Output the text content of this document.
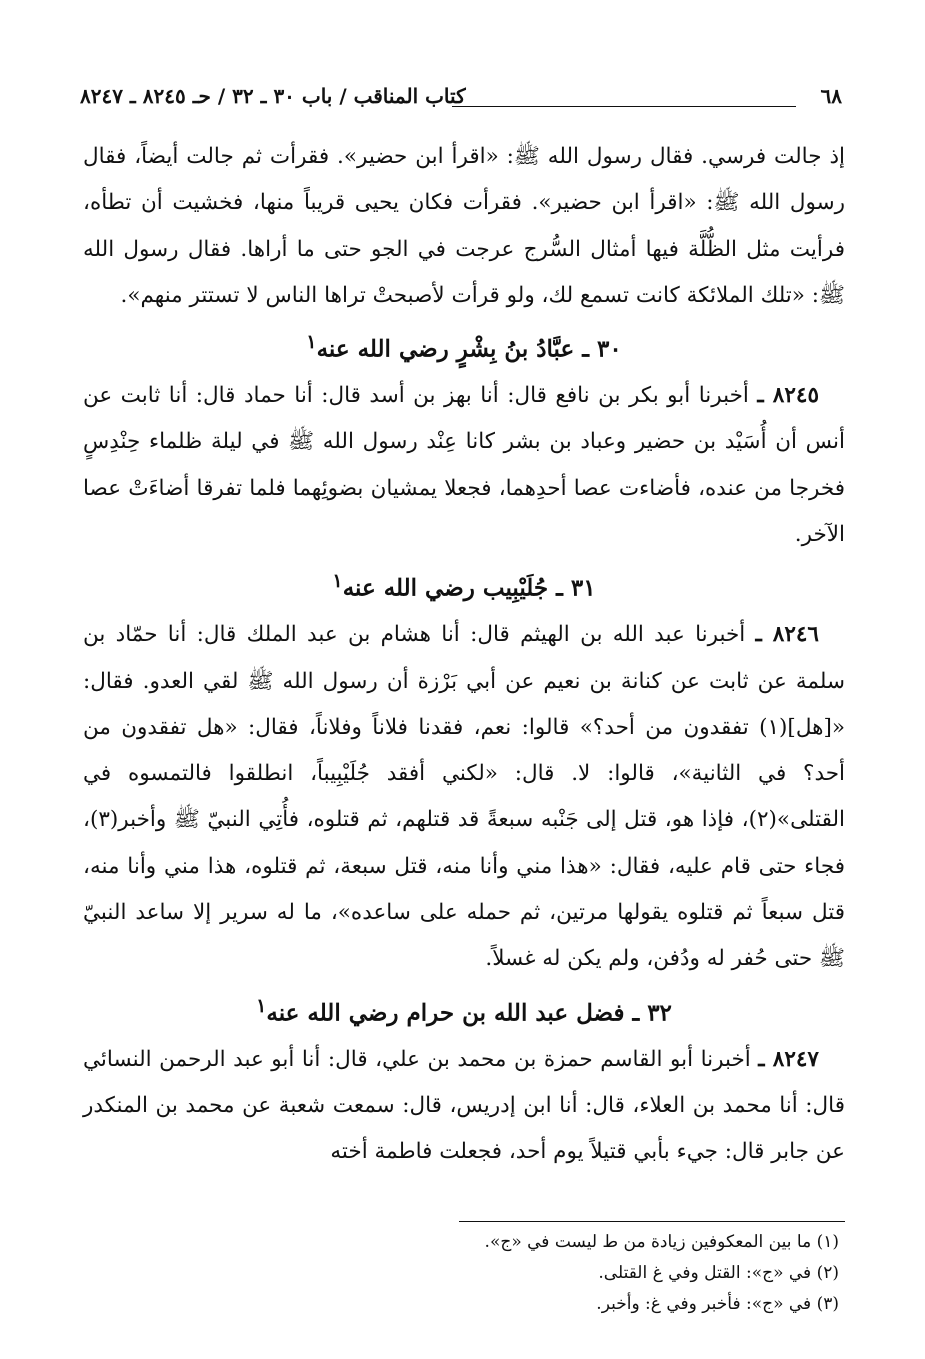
٦٨
كتاب المناقب / باب ٣٠ ـ ٣٢ / حـ ٨٢٤٥ ـ ٨٢٤٧

إذ جالت فرسي. فقال رسول الله ﷺ: «اقرأ ابن حضير». فقرأت ثم جالت أيضاً، فقال رسول الله ﷺ: «اقرأ ابن حضير». فقرأت فكان يحيى قريباً منها، فخشيت أن تطأه، فرأيت مثل الظُّلَّة فيها أمثال السُّرج عرجت في الجو حتى ما أراها. فقال رسول الله ﷺ: «تلك الملائكة كانت تسمع لك، ولو قرأت لأصبحتْ تراها الناس لا تستتر منهم».

٣٠ ـ عبَّادُ بنُ بِشْرٍ رضي الله عنه$^١$

٨٢٤٥ ـ أخبرنا أبو بكر بن نافع قال: أنا بهز بن أسد قال: أنا حماد قال: أنا ثابت عن أنس أن أُسَيْد بن حضير وعباد بن بشر كانا عِنْد رسول الله ﷺ في ليلة ظلماء حِنْدِسٍ فخرجا من عنده، فأضاءت عصا أحدِهما، فجعلا يمشيان بضوئِهما فلما تفرقا أضاءَتْ عصا الآخر.

٣١ ـ جُلَيْبِيب رضي الله عنه$^١$

٨٢٤٦ ـ أخبرنا عبد الله بن الهيثم قال: أنا هشام بن عبد الملك قال: أنا حمّاد بن سلمة عن ثابت عن كنانة بن نعيم عن أبي بَرْزة أن رسول الله ﷺ لقي العدو. فقال: «[هل](١) تفقدون من أحد؟» قالوا: نعم، فقدنا فلاناً وفلاناً، فقال: «هل تفقدون من أحد؟ في الثانية»، قالوا: لا. قال: «لكني أفقد جُلَيْبِيباً، انطلقوا فالتمسوه في القتلى»(٢)، فإذا هو، قتل إلى جَنْبه سبعةً قد قتلهم، ثم قتلوه، فأُتِي النبيّ ﷺ وأخبر(٣)، فجاء حتى قام عليه، فقال: «هذا مني وأنا منه، قتل سبعة، ثم قتلوه، هذا مني وأنا منه، قتل سبعاً ثم قتلوه يقولها مرتين، ثم حمله على ساعده»، ما له سرير إلا ساعد النبيّ ﷺ حتى حُفر له ودُفن، ولم يكن له غسلاً.

٣٢ ـ فضل عبد الله بن حرام رضي الله عنه$^١$

٨٢٤٧ ـ أخبرنا أبو القاسم حمزة بن محمد بن علي، قال: أنا أبو عبد الرحمن النسائي قال: أنا محمد بن العلاء، قال: أنا ابن إدريس، قال: سمعت شعبة عن محمد بن المنكدر عن جابر قال: جيء بأبي قتيلاً يوم أحد، فجعلت فاطمة أخته

(١) ما بين المعكوفين زيادة من ط ليست في «ج».

(٢) في «ج»: القتل وفي غ القتلى.

(٣) في «ج»: فأخبر وفي غ: وأخبر.
